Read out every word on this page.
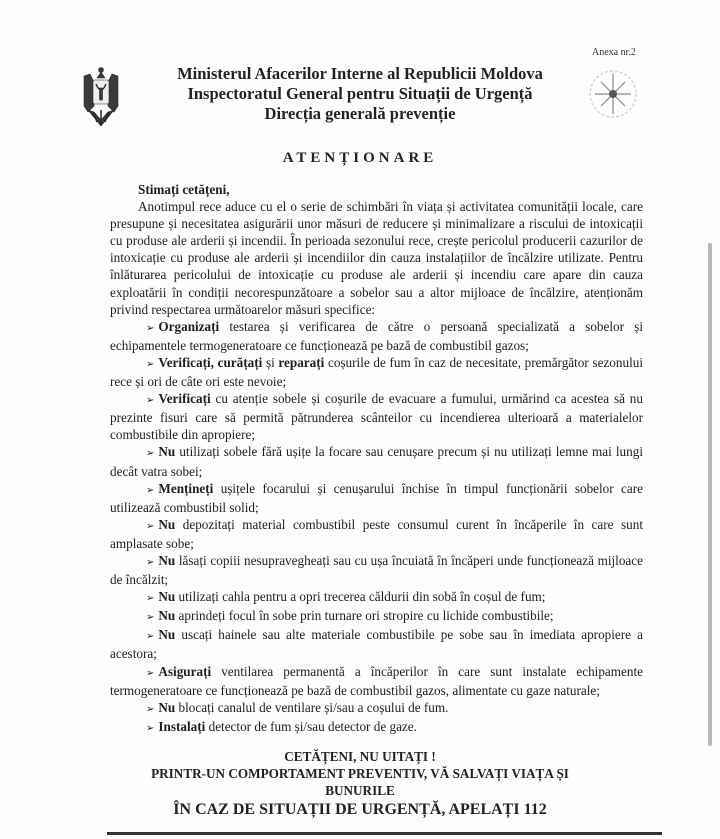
Anexa nr.2
Ministerul Afacerilor Interne al Republicii Moldova
Inspectoratul General pentru Situații de Urgență
Direcția generală prevenție
ATENȚIONARE

Stimați cetățeni,

Anotimpul rece aduce cu el o serie de schimbări în viața și activitatea comunității locale, care presupune și necesitatea asigurării unor măsuri de reducere și minimalizare a riscului de intoxicații cu produse ale arderii și incendii. În perioada sezonului rece, crește pericolul producerii cazurilor de intoxicație cu produse ale arderii și incendiilor din cauza instalațiilor de încălzire utilizate. Pentru înlăturarea pericolului de intoxicație cu produse ale arderii și incendiu care apare din cauza exploatării în condiții necorespunzătoare a sobelor sau a altor mijloace de încălzire, atenționăm privind respectarea următoarelor măsuri specifice:

➢ Organizați testarea și verificarea de către o persoană specializată a sobelor și echipamentele termogeneratoare ce funcționează pe bază de combustibil gazos;

➢ Verificați, curățați și reparați coșurile de fum în caz de necesitate, premărgător sezonului rece și ori de câte ori este nevoie;

➢ Verificați cu atenție sobele și coșurile de evacuare a fumului, urmărind ca acestea să nu prezinte fisuri care să permită pătrunderea scânteilor cu incendierea ulterioară a materialelor combustibile din apropiere;

➢ Nu utilizați sobele fără ușițe la focare sau cenușare precum și nu utilizați lemne mai lungi decât vatra sobei;

➢ Mențineți ușițele focarului și cenușarului închise în timpul funcționării sobelor care utilizează combustibil solid;

➢ Nu depozitați material combustibil peste consumul curent în încăperile în care sunt amplasate sobe;

➢ Nu lăsați copiii nesupravegheați sau cu ușa încuiată în încăperi unde funcționează mijloace de încălzit;

➢ Nu utilizați cahla pentru a opri trecerea căldurii din sobă în coșul de fum;

➢ Nu aprindeți focul în sobe prin turnare ori stropire cu lichide combustibile;

➢ Nu uscați hainele sau alte materiale combustibile pe sobe sau în imediata apropiere a acestora;

➢ Asigurați ventilarea permanentă a încăperilor în care sunt instalate echipamente termogeneratoare ce funcționează pe bază de combustibil gazos, alimentate cu gaze naturale;

➢ Nu blocați canalul de ventilare și/sau a coșului de fum.

➢ Instalați detector de fum și/sau detector de gaze.

CETĂȚENI, NU UITAȚI !
PRINTR-UN COMPORTAMENT PREVENTIV, VĂ SALVAȚI VIAȚA ȘI
BUNURILE
ÎN CAZ DE SITUAȚII DE URGENȚĂ, APELAȚI 112
